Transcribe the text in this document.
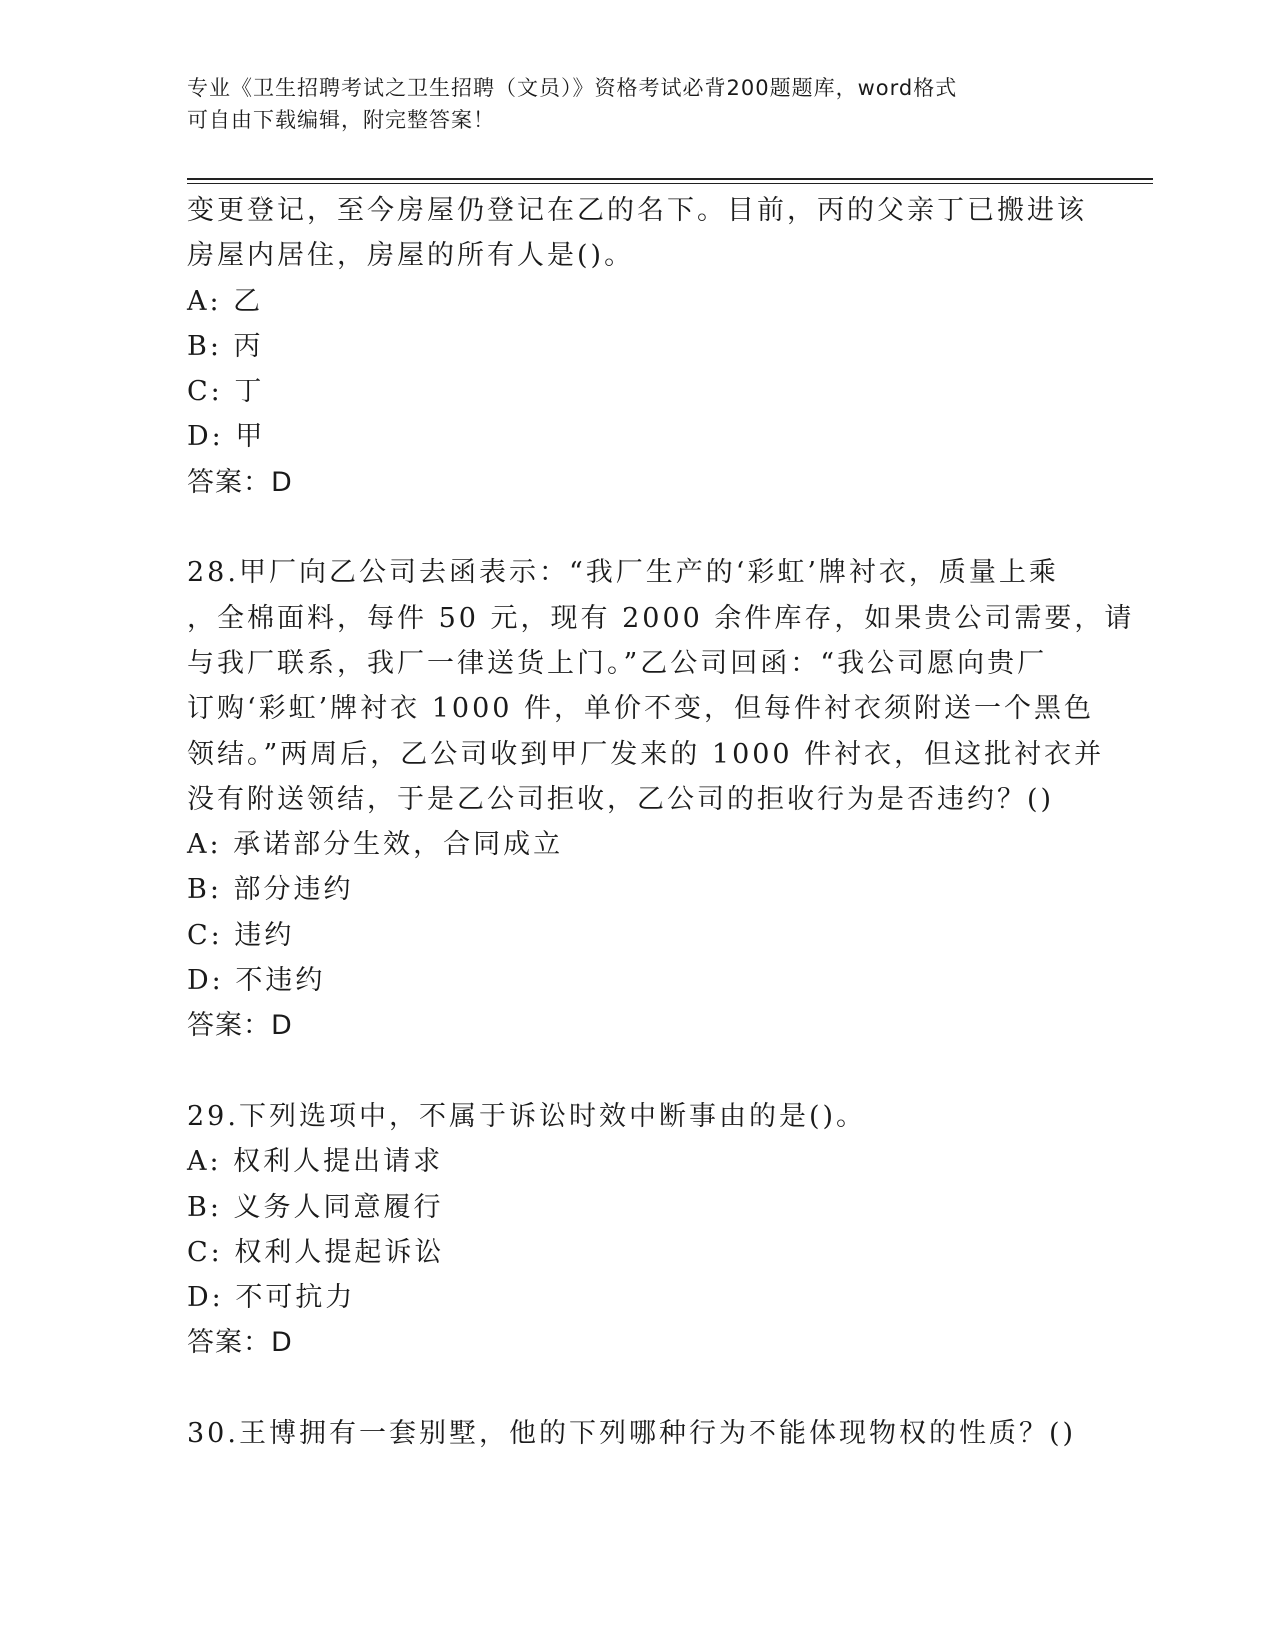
专业《卫生招聘考试之卫生招聘（文员）》资格考试必背200题题库，word格式
可自由下载编辑，附完整答案！
变更登记，至今房屋仍登记在乙的名下。目前，丙的父亲丁已搬进该
房屋内居住，房屋的所有人是()。
A: 乙
B: 丙
C: 丁
D: 甲
答案：D
28.甲厂向乙公司去函表示：“我厂生产的‘彩虹’牌衬衣，质量上乘
，全棉面料，每件 50 元，现有 2000 余件库存，如果贵公司需要，请
与我厂联系，我厂一律送货上门。”乙公司回函：“我公司愿向贵厂
订购‘彩虹’牌衬衣 1000 件，单价不变，但每件衬衣须附送一个黑色
领结。”两周后，乙公司收到甲厂发来的 1000 件衬衣，但这批衬衣并
没有附送领结，于是乙公司拒收，乙公司的拒收行为是否违约？()
A: 承诺部分生效，合同成立
B: 部分违约
C: 违约
D: 不违约
答案：D
29.下列选项中，不属于诉讼时效中断事由的是()。
A: 权利人提出请求
B: 义务人同意履行
C: 权利人提起诉讼
D: 不可抗力
答案：D
30.王博拥有一套别墅，他的下列哪种行为不能体现物权的性质？()
